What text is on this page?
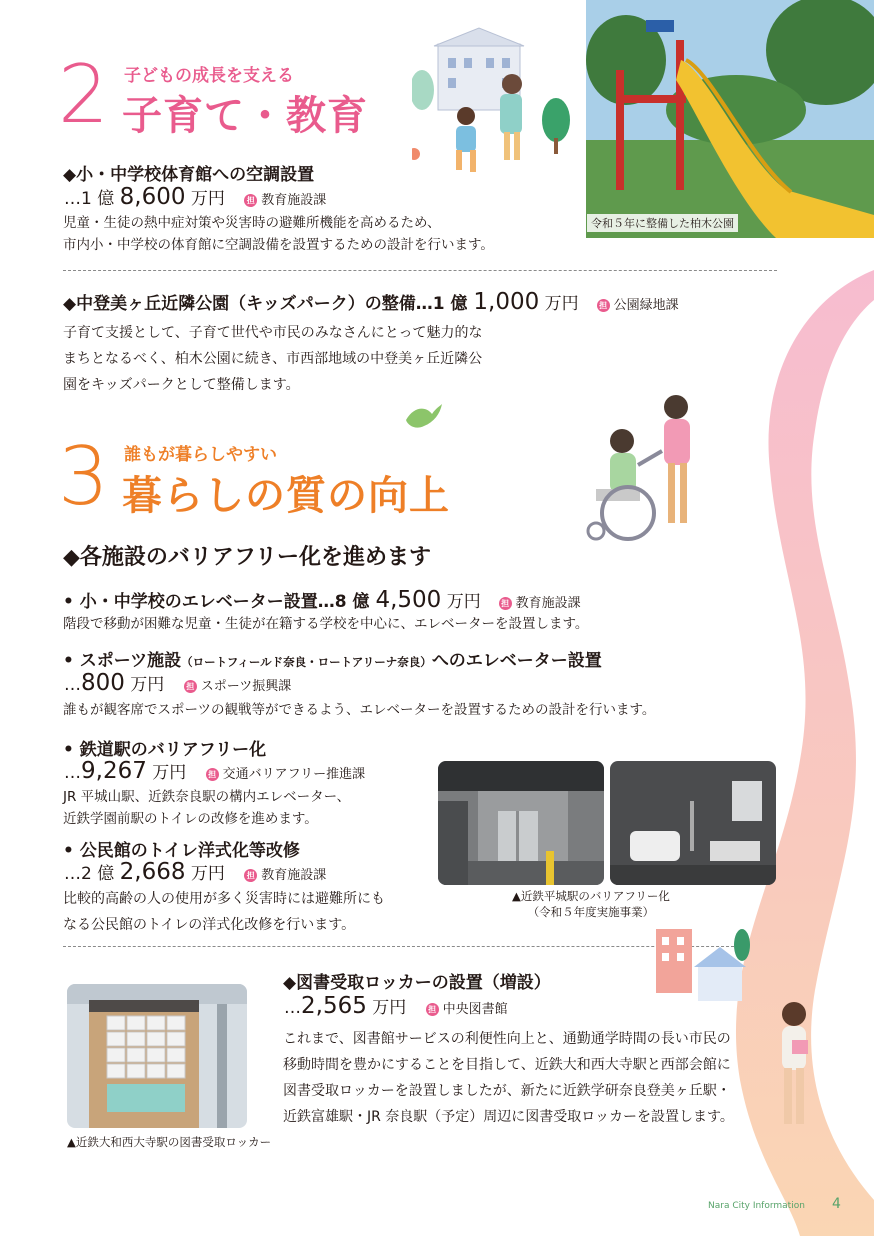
2 子どもの成長を支える
子育て・教育
令和５年に整備した柏木公園
◆小・中学校体育館への空調設置
…1 億 8,600 万円	担 教育施設課
児童・生徒の熱中症対策や災害時の避難所機能を高めるため、
市内小・中学校の体育館に空調設備を設置するための設計を行います。
◆中登美ヶ丘近隣公園（キッズパーク）の整備…1 億 1,000 万円	担 公園緑地課
子育て支援として、子育て世代や市民のみなさんにとって魅力的な
まちとなるべく、柏木公園に続き、市西部地域の中登美ヶ丘近隣公
園をキッズパークとして整備します。
3 誰もが暮らしやすい
暮らしの質の向上
◆各施設のバリアフリー化を進めます
• 小・中学校のエレベーター設置…8 億 4,500 万円	担 教育施設課
階段で移動が困難な児童・生徒が在籍する学校を中心に、エレベーターを設置します。
• スポーツ施設（ロートフィールド奈良・ロートアリーナ奈良）へのエレベーター設置
…800 万円	担 スポーツ振興課
誰もが観客席でスポーツの観戦等ができるよう、エレベーターを設置するための設計を行います。
• 鉄道駅のバリアフリー化
…9,267 万円	担 交通バリアフリー推進課
JR 平城山駅、近鉄奈良駅の構内エレベーター、
近鉄学園前駅のトイレの改修を進めます。
• 公民館のトイレ洋式化等改修
…2 億 2,668 万円	担 教育施設課
比較的高齢の人の使用が多く災害時には避難所にも
なる公民館のトイレの洋式化改修を行います。
▲近鉄平城駅のバリアフリー化
（令和５年度実施事業）
▲近鉄大和西大寺駅の図書受取ロッカー
◆図書受取ロッカーの設置（増設）
…2,565 万円	担 中央図書館
これまで、図書館サービスの利便性向上と、通勤通学時間の長い市民の
移動時間を豊かにすることを目指して、近鉄大和西大寺駅と西部会館に
図書受取ロッカーを設置しましたが、新たに近鉄学研奈良登美ヶ丘駅・
近鉄富雄駅・JR 奈良駅（予定）周辺に図書受取ロッカーを設置します。
Nara City Information 4
